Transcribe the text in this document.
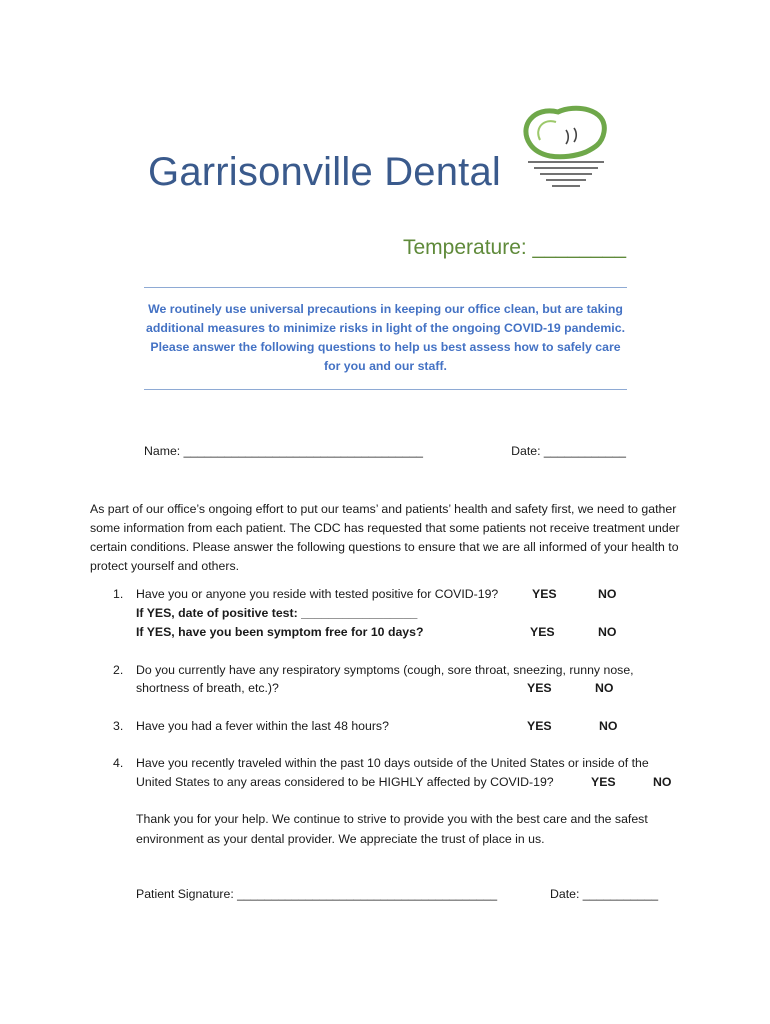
Garrisonville Dental
Temperature: ________
We routinely use universal precautions in keeping our office clean, but are taking additional measures to minimize risks in light of the ongoing COVID-19 pandemic. Please answer the following questions to help us best assess how to safely care for you and our staff.
Name: ___________________________________	Date: ____________
As part of our office’s ongoing effort to put our teams’ and patients’ health and safety first, we need to gather some information from each patient. The CDC has requested that some patients not receive treatment under certain conditions. Please answer the following questions to ensure that we are all informed of your health to protect yourself and others.
1. Have you or anyone you reside with tested positive for COVID-19?	YES	NO
If YES, date of positive test: _________________
If YES, have you been symptom free for 10 days?	YES	NO
2. Do you currently have any respiratory symptoms (cough, sore throat, sneezing, runny nose,
shortness of breath, etc.)?	YES	NO
3. Have you had a fever within the last 48 hours?	YES	NO
4. Have you recently traveled within the past 10 days outside of the United States or inside of the
United States to any areas considered to be HIGHLY affected by COVID-19?	YES	NO
Thank you for your help. We continue to strive to provide you with the best care and the safest
environment as your dental provider. We appreciate the trust of place in us.
Patient Signature: ______________________________________	Date: ___________
